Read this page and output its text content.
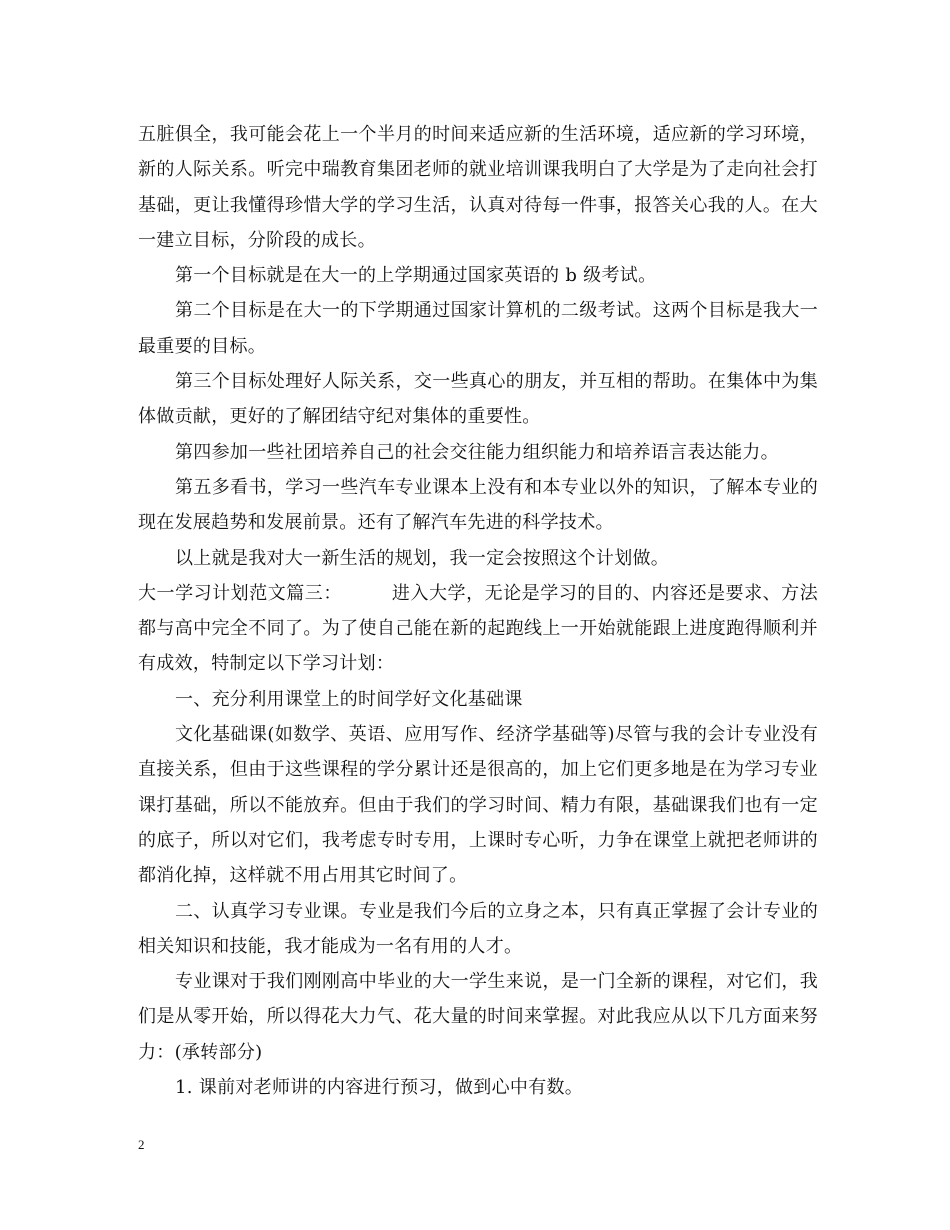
五脏俱全，我可能会花上一个半月的时间来适应新的生活环境，适应新的学习环境，新的人际关系。听完中瑞教育集团老师的就业培训课我明白了大学是为了走向社会打基础，更让我懂得珍惜大学的学习生活，认真对待每一件事，报答关心我的人。在大一建立目标，分阶段的成长。

第一个目标就是在大一的上学期通过国家英语的 b 级考试。

第二个目标是在大一的下学期通过国家计算机的二级考试。这两个目标是我大一最重要的目标。

第三个目标处理好人际关系，交一些真心的朋友，并互相的帮助。在集体中为集体做贡献，更好的了解团结守纪对集体的重要性。

第四参加一些社团培养自己的社会交往能力组织能力和培养语言表达能力。

第五多看书，学习一些汽车专业课本上没有和本专业以外的知识，了解本专业的现在发展趋势和发展前景。还有了解汽车先进的科学技术。

以上就是我对大一新生活的规划，我一定会按照这个计划做。

大一学习计划范文篇三：        进入大学，无论是学习的目的、内容还是要求、方法都与高中完全不同了。为了使自己能在新的起跑线上一开始就能跟上进度跑得顺利并有成效，特制定以下学习计划：

一、充分利用课堂上的时间学好文化基础课

文化基础课(如数学、英语、应用写作、经济学基础等)尽管与我的会计专业没有直接关系，但由于这些课程的学分累计还是很高的，加上它们更多地是在为学习专业课打基础，所以不能放弃。但由于我们的学习时间、精力有限，基础课我们也有一定的底子，所以对它们，我考虑专时专用，上课时专心听，力争在课堂上就把老师讲的都消化掉，这样就不用占用其它时间了。

二、认真学习专业课。专业是我们今后的立身之本，只有真正掌握了会计专业的相关知识和技能，我才能成为一名有用的人才。

专业课对于我们刚刚高中毕业的大一学生来说，是一门全新的课程，对它们，我们是从零开始，所以得花大力气、花大量的时间来掌握。对此我应从以下几方面来努力：(承转部分)

1. 课前对老师讲的内容进行预习，做到心中有数。

2
